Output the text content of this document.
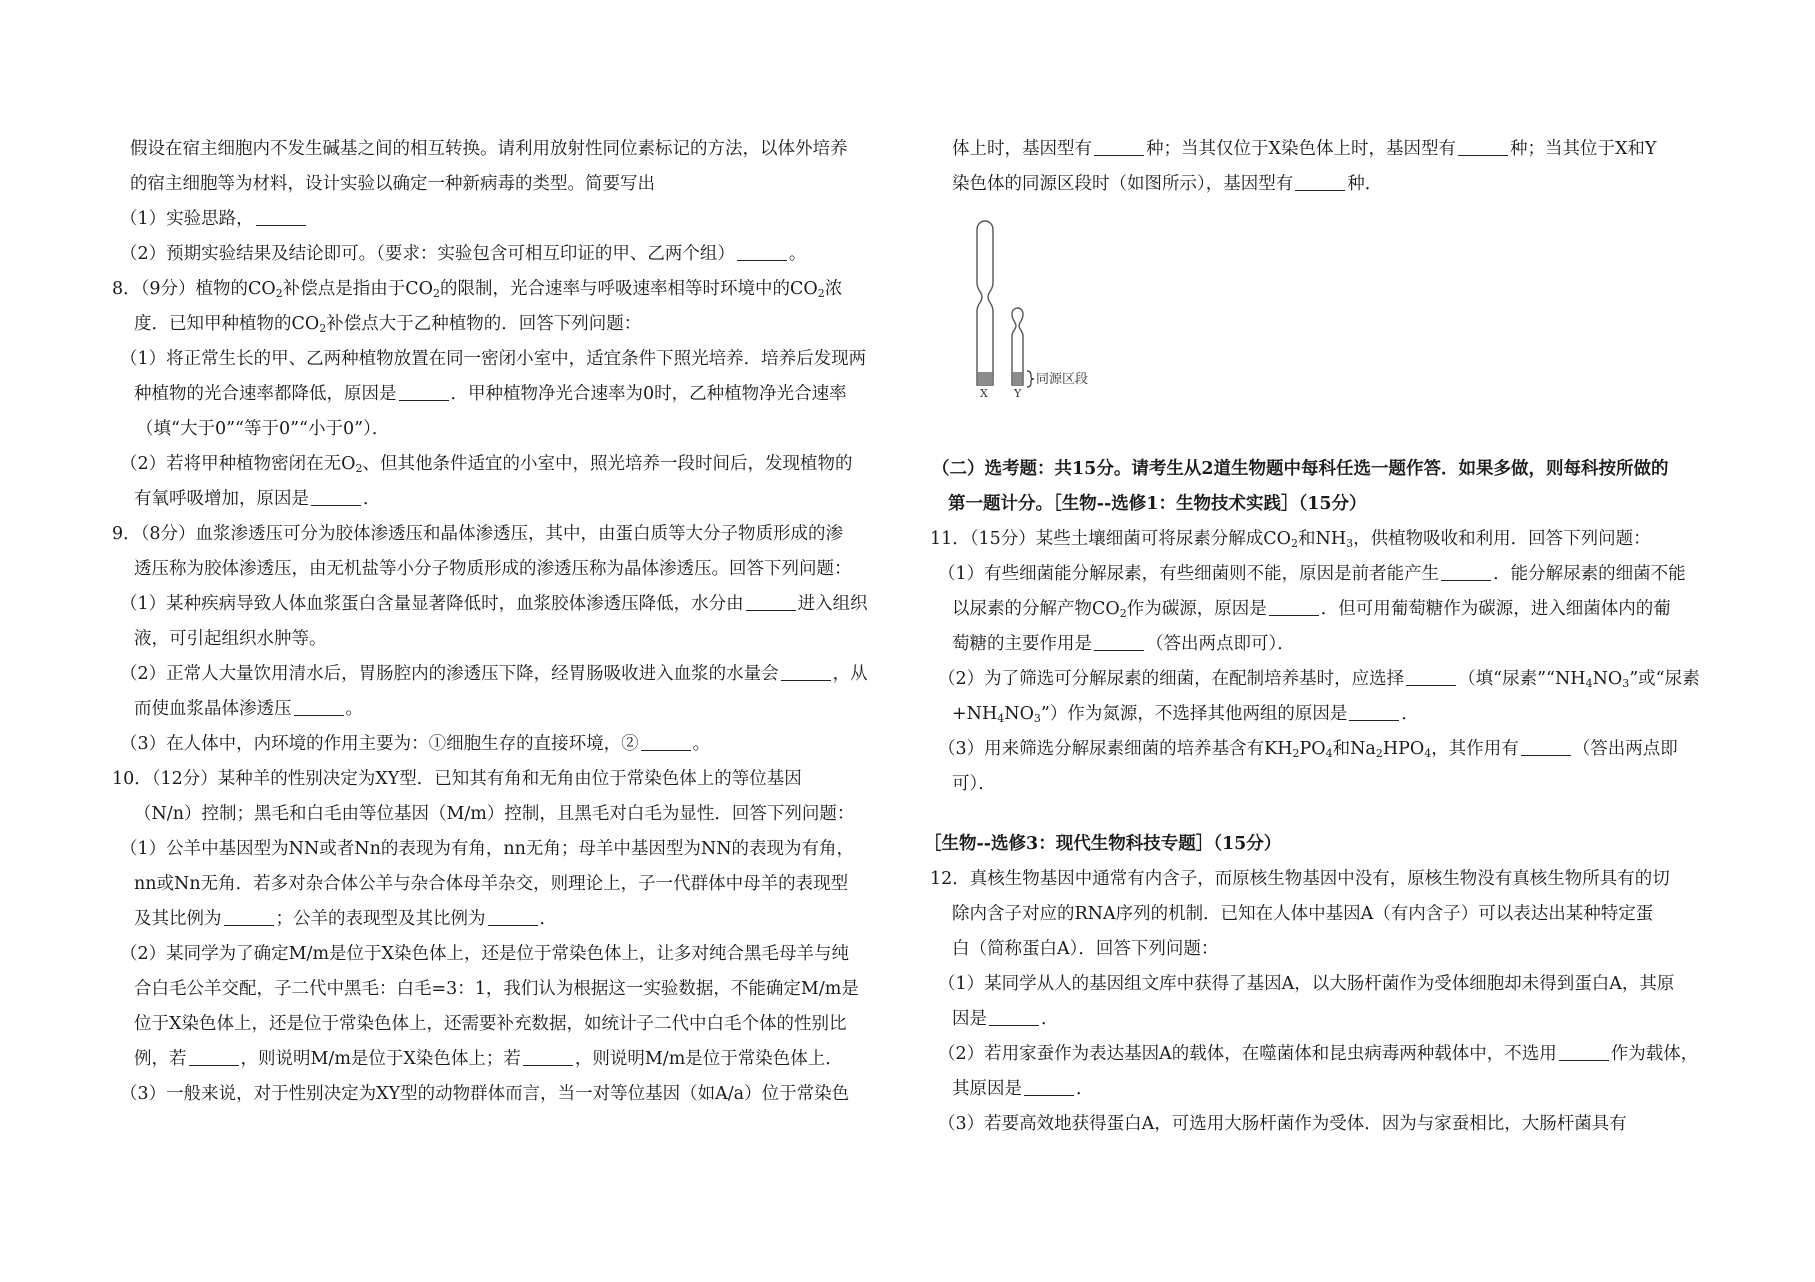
假设在宿主细胞内不发生碱基之间的相互转换。请利用放射性同位素标记的方法，以体外培养
的宿主细胞等为材料，设计实验以确定一种新病毒的类型。简要写出
（1）实验思路，
（2）预期实验结果及结论即可。（要求：实验包含可相互印证的甲、乙两个组）	。
8．（9分）植物的$CO_2$补偿点是指由于$CO_2$的限制，光合速率与呼吸速率相等时环境中的$CO_2$浓
度．已知甲种植物的$CO_2$补偿点大于乙种植物的．回答下列问题：
（1）将正常生长的甲、乙两种植物放置在同一密闭小室中，适宜条件下照光培养．培养后发现两
种植物的光合速率都降低，原因是	．甲种植物净光合速率为0时，乙种植物净光合速率
（填“大于0”“等于0”“小于0”）．
（2）若将甲种植物密闭在无$O_2$、但其他条件适宜的小室中，照光培养一段时间后，发现植物的
有氧呼吸增加，原因是	．
9．（8分）血浆渗透压可分为胶体渗透压和晶体渗透压，其中，由蛋白质等大分子物质形成的渗
透压称为胶体渗透压，由无机盐等小分子物质形成的渗透压称为晶体渗透压。回答下列问题：
（1）某种疾病导致人体血浆蛋白含量显著降低时，血浆胶体渗透压降低，水分由	进入组织
液，可引起组织水肿等。
（2）正常人大量饮用清水后，胃肠腔内的渗透压下降，经胃肠吸收进入血浆的水量会	，从
而使血浆晶体渗透压	。
（3）在人体中，内环境的作用主要为：①细胞生存的直接环境，②	。
10．（12分）某种羊的性别决定为XY型．已知其有角和无角由位于常染色体上的等位基因
（N/n）控制；黑毛和白毛由等位基因（M/m）控制，且黑毛对白毛为显性．回答下列问题：
（1）公羊中基因型为NN或者Nn的表现为有角，nn无角；母羊中基因型为NN的表现为有角，
nn或Nn无角．若多对杂合体公羊与杂合体母羊杂交，则理论上，子一代群体中母羊的表现型
及其比例为	；公羊的表现型及其比例为	．
（2）某同学为了确定M/m是位于X染色体上，还是位于常染色体上，让多对纯合黑毛母羊与纯
合白毛公羊交配，子二代中黑毛：白毛=3：1，我们认为根据这一实验数据，不能确定M/m是
位于X染色体上，还是位于常染色体上，还需要补充数据，如统计子二代中白毛个体的性别比
例，若	，则说明M/m是位于X染色体上；若	，则说明M/m是位于常染色体上．
（3）一般来说，对于性别决定为XY型的动物群体而言，当一对等位基因（如A/a）位于常染色
体上时，基因型有	种；当其仅位于X染色体上时，基因型有	种；当其位于X和Y
染色体的同源区段时（如图所示），基因型有	种．
同源区段
X Y
（二）选考题：共15分。请考生从2道生物题中每科任选一题作答．如果多做，则每科按所做的
第一题计分。［生物--选修1：生物技术实践］（15分）
11．（15分）某些土壤细菌可将尿素分解成$CO_2$和$NH_3$，供植物吸收和利用．回答下列问题：
（1）有些细菌能分解尿素，有些细菌则不能，原因是前者能产生	．能分解尿素的细菌不能
以尿素的分解产物$CO_2$作为碳源，原因是	．但可用葡萄糖作为碳源，进入细菌体内的葡
萄糖的主要作用是	（答出两点即可）．
（2）为了筛选可分解尿素的细菌，在配制培养基时，应选择	（填“尿素$”“NH_4NO_3$”或“尿素
$+NH_4NO_3$”）作为氮源，不选择其他两组的原因是	．
（3）用来筛选分解尿素细菌的培养基含有$KH_2PO_4$和$Na_2HPO_4$，其作用有	（答出两点即
可）．
［生物--选修3：现代生物科技专题］（15分）
12．真核生物基因中通常有内含子，而原核生物基因中没有，原核生物没有真核生物所具有的切
除内含子对应的RNA序列的机制．已知在人体中基因A（有内含子）可以表达出某种特定蛋
白（简称蛋白A）．回答下列问题：
（1）某同学从人的基因组文库中获得了基因A，以大肠杆菌作为受体细胞却未得到蛋白A，其原
因是	．
（2）若用家蚕作为表达基因A的载体，在噬菌体和昆虫病毒两种载体中，不选用	作为载体，
其原因是	．
（3）若要高效地获得蛋白A，可选用大肠杆菌作为受体．因为与家蚕相比，大肠杆菌具有
